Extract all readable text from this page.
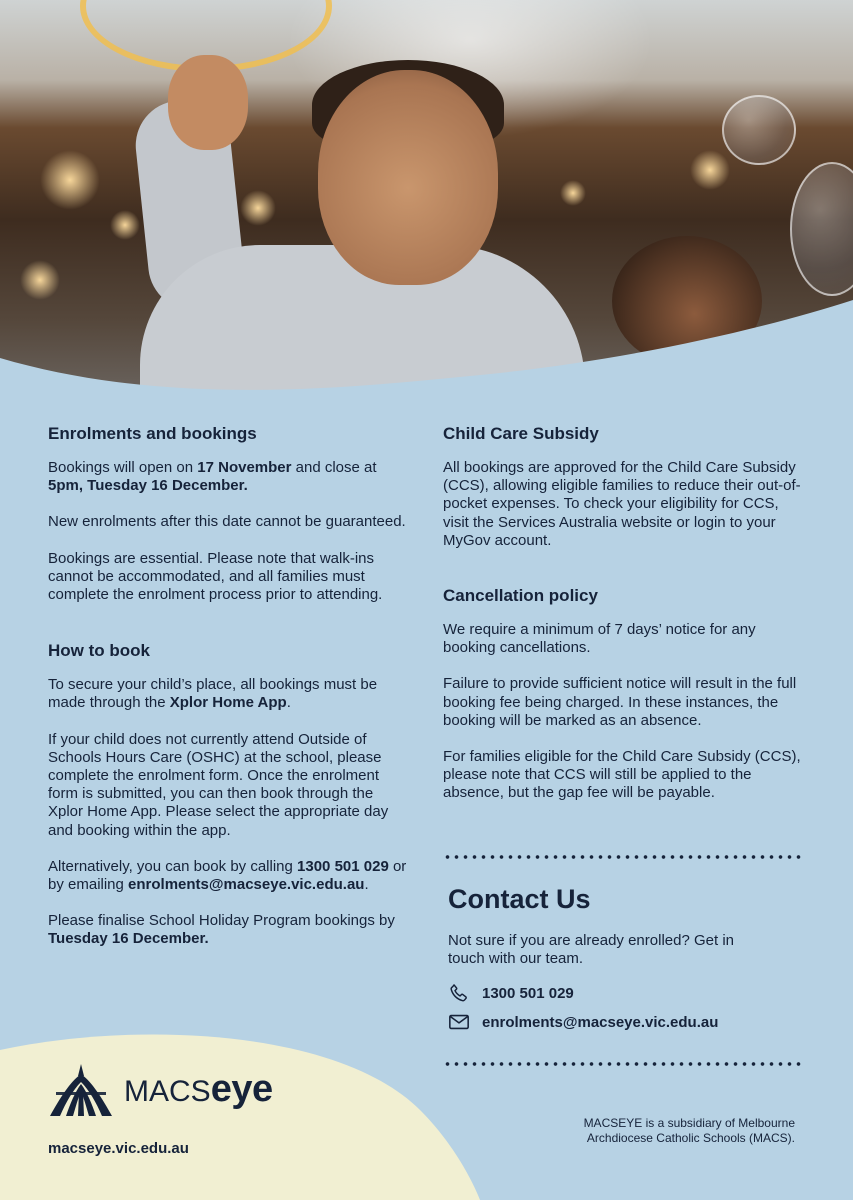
Enrolments and bookings

Bookings will open on 17 November and close at 5pm, Tuesday 16 December.

New enrolments after this date cannot be guaranteed.

Bookings are essential. Please note that walk-ins cannot be accommodated, and all families must complete the enrolment process prior to attending.

How to book

To secure your child’s place, all bookings must be made through the Xplor Home App.

If your child does not currently attend Outside of Schools Hours Care (OSHC) at the school, please complete the enrolment form. Once the enrolment form is submitted, you can then book through the Xplor Home App. Please select the appropriate day and booking within the app.

Alternatively, you can book by calling 1300 501 029 or by emailing enrolments@macseye.vic.edu.au.

Please finalise School Holiday Program bookings by Tuesday 16 December.

Child Care Subsidy

All bookings are approved for the Child Care Subsidy (CCS), allowing eligible families to reduce their out-of-pocket expenses. To check your eligibility for CCS, visit the Services Australia website or login to your MyGov account.

Cancellation policy

We require a minimum of 7 days’ notice for any booking cancellations.

Failure to provide sufficient notice will result in the full booking fee being charged. In these instances, the booking will be marked as an absence.

For families eligible for the Child Care Subsidy (CCS), please note that CCS will still be applied to the absence, but the gap fee will be payable.

Contact Us

Not sure if you are already enrolled? Get in touch with our team.

1300 501 029
enrolments@macseye.vic.edu.au
MACSeye
macseye.vic.edu.au
MACSEYE is a subsidiary of Melbourne Archdiocese Catholic Schools (MACS).
